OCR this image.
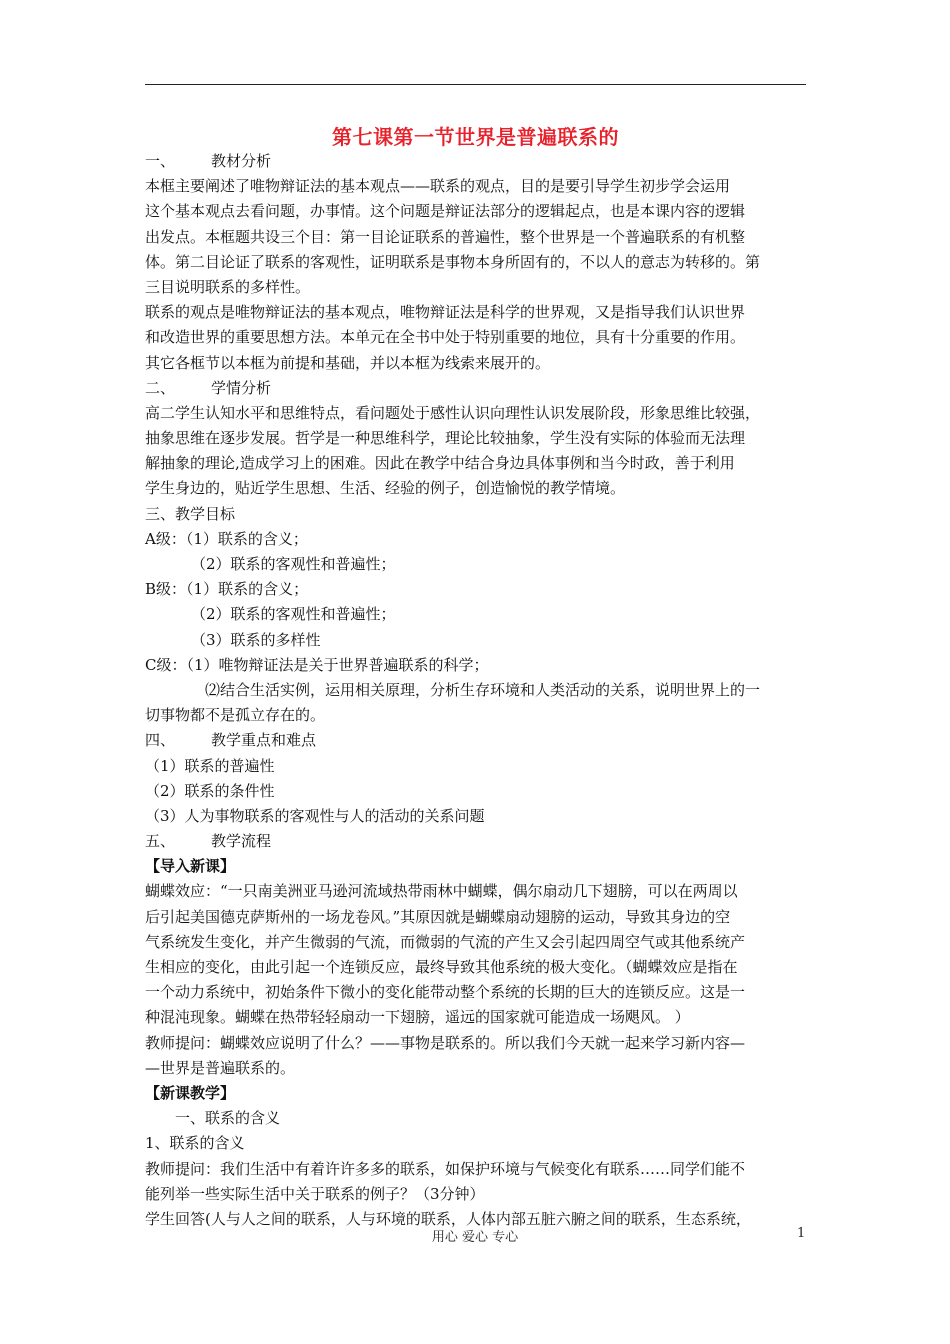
第七课第一节世界是普遍联系的
一、 教材分析
本框主要阐述了唯物辩证法的基本观点——联系的观点，目的是要引导学生初步学会运用
这个基本观点去看问题，办事情。这个问题是辩证法部分的逻辑起点，也是本课内容的逻辑
出发点。本框题共设三个目：第一目论证联系的普遍性，整个世界是一个普遍联系的有机整
体。第二目论证了联系的客观性，证明联系是事物本身所固有的，不以人的意志为转移的。第
三目说明联系的多样性。
联系的观点是唯物辩证法的基本观点，唯物辩证法是科学的世界观，又是指导我们认识世界
和改造世界的重要思想方法。本单元在全书中处于特别重要的地位，具有十分重要的作用。
其它各框节以本框为前提和基础，并以本框为线索来展开的。
二、 学情分析
高二学生认知水平和思维特点，看问题处于感性认识向理性认识发展阶段，形象思维比较强，
抽象思维在逐步发展。哲学是一种思维科学，理论比较抽象，学生没有实际的体验而无法理
解抽象的理论,造成学习上的困难。因此在教学中结合身边具体事例和当今时政，善于利用
学生身边的，贴近学生思想、生活、经验的例子，创造愉悦的教学情境。
三、教学目标
A级：（1）联系的含义；
（2）联系的客观性和普遍性；
B级：（1）联系的含义；
（2）联系的客观性和普遍性；
（3）联系的多样性
C级：（1）唯物辩证法是关于世界普遍联系的科学；
⑵结合生活实例，运用相关原理，分析生存环境和人类活动的关系，说明世界上的一
切事物都不是孤立存在的。
四、 教学重点和难点
（1）联系的普遍性
（2）联系的条件性
（3）人为事物联系的客观性与人的活动的关系问题
五、 教学流程
【导入新课】
蝴蝶效应：“一只南美洲亚马逊河流域热带雨林中蝴蝶，偶尔扇动几下翅膀，可以在两周以
后引起美国德克萨斯州的一场龙卷风。”其原因就是蝴蝶扇动翅膀的运动，导致其身边的空
气系统发生变化，并产生微弱的气流，而微弱的气流的产生又会引起四周空气或其他系统产
生相应的变化，由此引起一个连锁反应，最终导致其他系统的极大变化。（蝴蝶效应是指在
一个动力系统中，初始条件下微小的变化能带动整个系统的长期的巨大的连锁反应。这是一
种混沌现象。蝴蝶在热带轻轻扇动一下翅膀，遥远的国家就可能造成一场飓风。 ）
教师提问：蝴蝶效应说明了什么？——事物是联系的。所以我们今天就一起来学习新内容—
—世界是普遍联系的。
【新课教学】
一、联系的含义
1、联系的含义
教师提问：我们生活中有着许许多多的联系，如保护环境与气候变化有联系……同学们能不
能列举一些实际生活中关于联系的例子？（3分钟）
学生回答(人与人之间的联系，人与环境的联系，人体内部五脏六腑之间的联系，生态系统，
用心 爱心 专心	1
